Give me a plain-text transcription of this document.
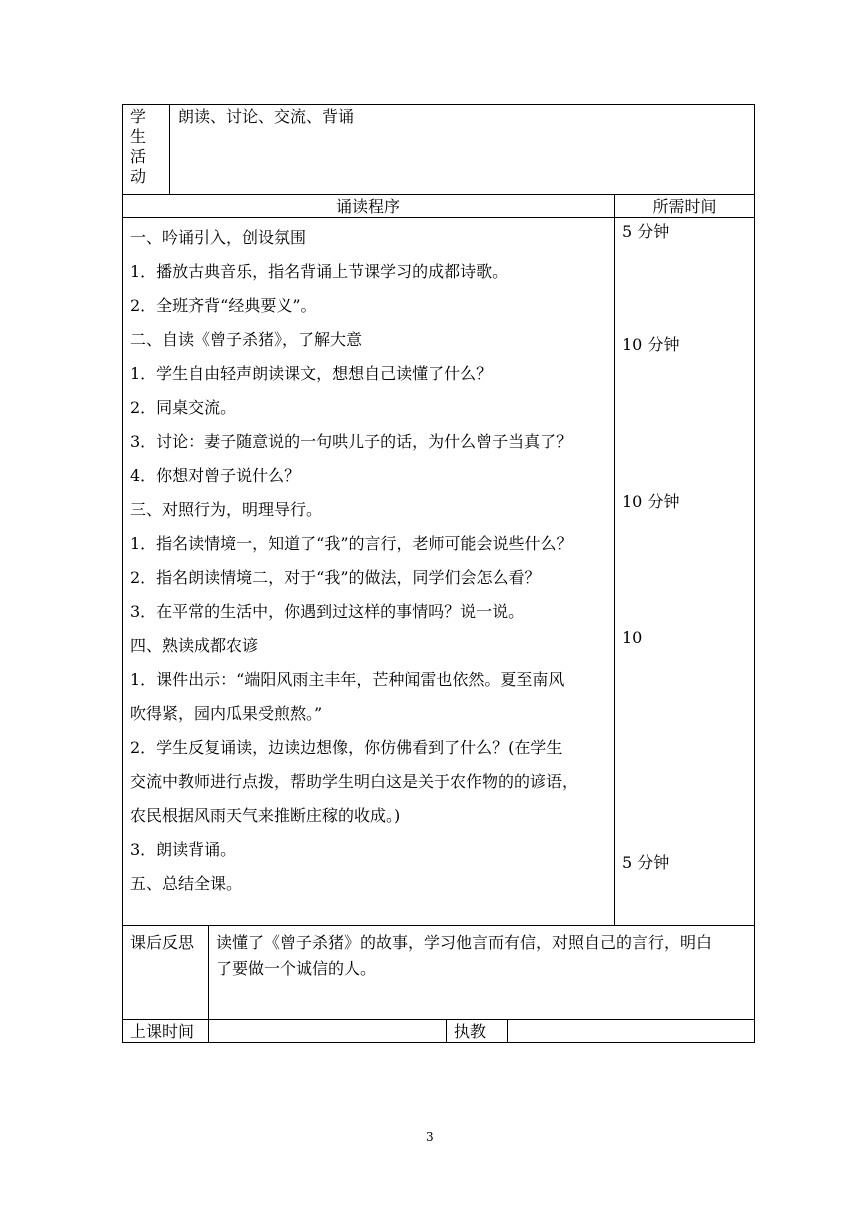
学
生
活
动
朗读、讨论、交流、背诵
诵读程序	所需时间
一、吟诵引入，创设氛围
1．播放古典音乐，指名背诵上节课学习的成都诗歌。
2．全班齐背“经典要义”。
二、自读《曾子杀猪》，了解大意
1．学生自由轻声朗读课文，想想自己读懂了什么？
2．同桌交流。
3．讨论：妻子随意说的一句哄儿子的话，为什么曾子当真了？
4．你想对曾子说什么？
三、对照行为，明理导行。
1．指名读情境一，知道了“我”的言行，老师可能会说些什么？
2．指名朗读情境二，对于“我”的做法，同学们会怎么看？
3．在平常的生活中，你遇到过这样的事情吗？说一说。
四、熟读成都农谚
1．课件出示：“端阳风雨主丰年，芒种闻雷也依然。夏至南风
吹得紧，园内瓜果受煎熬。”
2．学生反复诵读，边读边想像，你仿佛看到了什么？(在学生
交流中教师进行点拨，帮助学生明白这是关于农作物的的谚语，
农民根据风雨天气来推断庄稼的收成。)
3．朗读背诵。
五、总结全课。
5 分钟
10 分钟
10 分钟
10
5 分钟
课后反思 读懂了《曾子杀猪》的故事，学习他言而有信，对照自己的言行，明白
了要做一个诚信的人。
上课时间	执教
3
